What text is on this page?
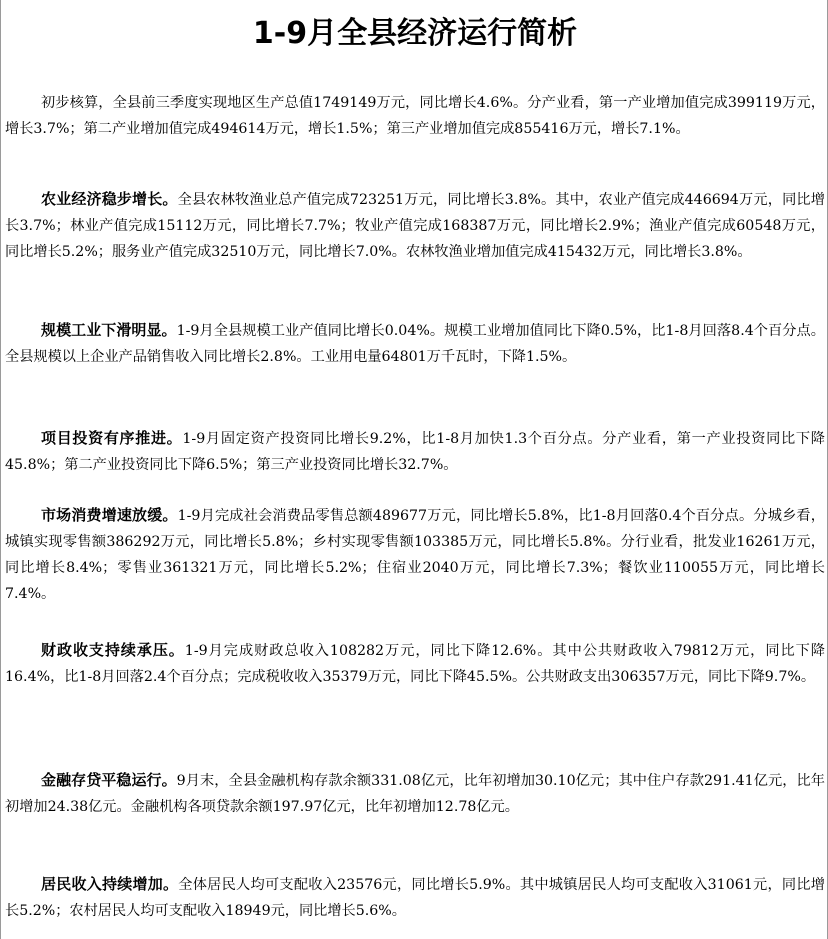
1-9月全县经济运行简析

初步核算，全县前三季度实现地区生产总值1749149万元，同比增长4.6%。分产业看，第一产业增加值完成399119万元，增长3.7%；第二产业增加值完成494614万元，增长1.5%；第三产业增加值完成855416万元，增长7.1%。

农业经济稳步增长。全县农林牧渔业总产值完成723251万元，同比增长3.8%。其中，农业产值完成446694万元，同比增长3.7%；林业产值完成15112万元，同比增长7.7%；牧业产值完成168387万元，同比增长2.9%；渔业产值完成60548万元，同比增长5.2%；服务业产值完成32510万元，同比增长7.0%。农林牧渔业增加值完成415432万元，同比增长3.8%。

规模工业下滑明显。1-9月全县规模工业产值同比增长0.04%。规模工业增加值同比下降0.5%，比1-8月回落8.4个百分点。全县规模以上企业产品销售收入同比增长2.8%。工业用电量64801万千瓦时，下降1.5%。

项目投资有序推进。1-9月固定资产投资同比增长9.2%，比1-8月加快1.3个百分点。分产业看，第一产业投资同比下降45.8%；第二产业投资同比下降6.5%；第三产业投资同比增长32.7%。

市场消费增速放缓。1-9月完成社会消费品零售总额489677万元，同比增长5.8%，比1-8月回落0.4个百分点。分城乡看，城镇实现零售额386292万元，同比增长5.8%；乡村实现零售额103385万元，同比增长5.8%。分行业看，批发业16261万元，同比增长8.4%；零售业361321万元，同比增长5.2%；住宿业2040万元，同比增长7.3%；餐饮业110055万元，同比增长7.4%。

财政收支持续承压。1-9月完成财政总收入108282万元，同比下降12.6%。其中公共财政收入79812万元，同比下降16.4%，比1-8月回落2.4个百分点；完成税收收入35379万元，同比下降45.5%。公共财政支出306357万元，同比下降9.7%。

金融存贷平稳运行。9月末，全县金融机构存款余额331.08亿元，比年初增加30.10亿元；其中住户存款291.41亿元，比年初增加24.38亿元。金融机构各项贷款余额197.97亿元，比年初增加12.78亿元。

居民收入持续增加。全体居民人均可支配收入23576元，同比增长5.9%。其中城镇居民人均可支配收入31061元，同比增长5.2%；农村居民人均可支配收入18949元，同比增长5.6%。
